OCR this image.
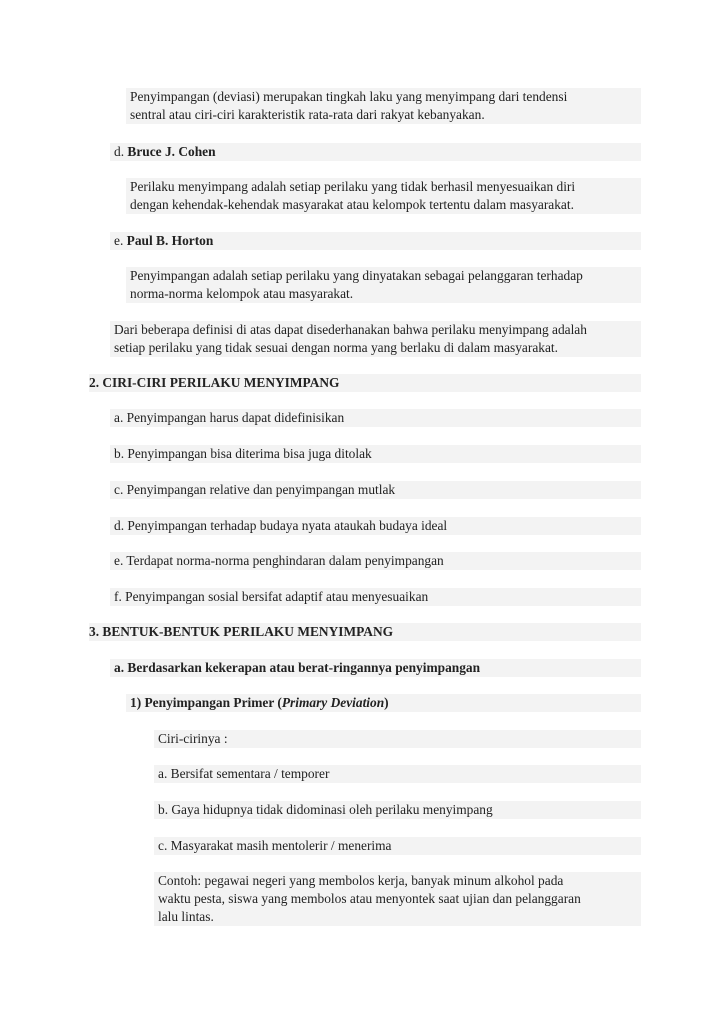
Penyimpangan (deviasi) merupakan tingkah laku yang menyimpang dari tendensi
sentral atau ciri-ciri karakteristik rata-rata dari rakyat kebanyakan.
d. Bruce J. Cohen
Perilaku menyimpang adalah setiap perilaku yang tidak berhasil menyesuaikan diri
dengan kehendak-kehendak masyarakat atau kelompok tertentu dalam masyarakat.
e. Paul B. Horton
Penyimpangan adalah setiap perilaku yang dinyatakan sebagai pelanggaran terhadap
norma-norma kelompok atau masyarakat.
Dari beberapa definisi di atas dapat disederhanakan bahwa perilaku menyimpang adalah
setiap perilaku yang tidak sesuai dengan norma yang berlaku di dalam masyarakat.
2. CIRI-CIRI PERILAKU MENYIMPANG
a. Penyimpangan harus dapat didefinisikan
b. Penyimpangan bisa diterima bisa juga ditolak
c. Penyimpangan relative dan penyimpangan mutlak
d. Penyimpangan terhadap budaya nyata ataukah budaya ideal
e. Terdapat norma-norma penghindaran dalam penyimpangan
f. Penyimpangan sosial bersifat adaptif atau menyesuaikan
3. BENTUK-BENTUK PERILAKU MENYIMPANG
a. Berdasarkan kekerapan atau berat-ringannya penyimpangan
1) Penyimpangan Primer (Primary Deviation)
Ciri-cirinya :
a. Bersifat sementara / temporer
b. Gaya hidupnya tidak didominasi oleh perilaku menyimpang
c. Masyarakat masih mentolerir / menerima
Contoh: pegawai negeri yang membolos kerja, banyak minum alkohol pada
waktu pesta, siswa yang membolos atau menyontek saat ujian dan pelanggaran
lalu lintas.
